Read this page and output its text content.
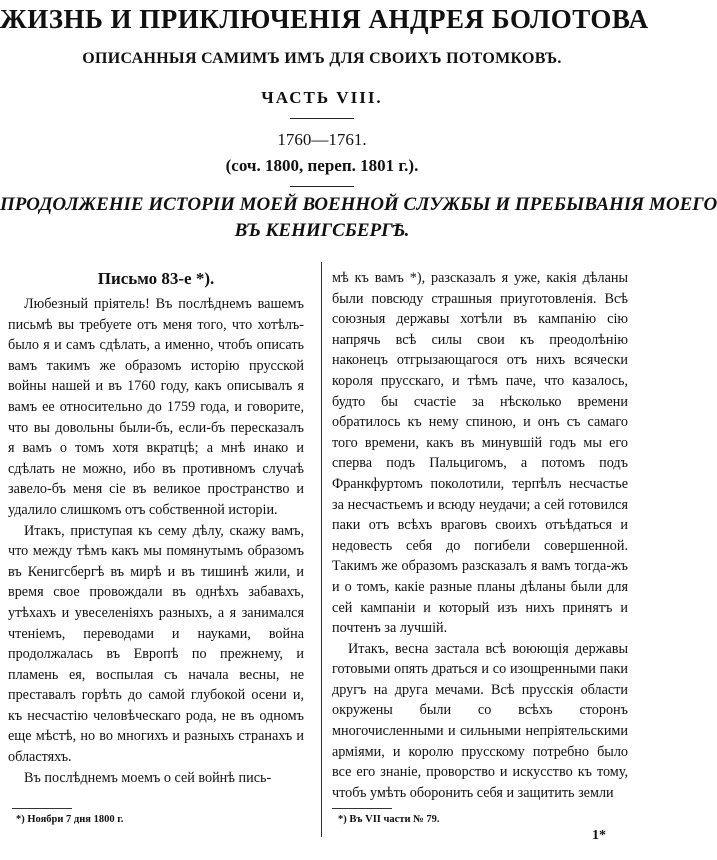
ЖИЗНЬ И ПРИКЛЮЧЕНІЯ АНДРЕЯ БОЛОТОВА
ОПИСАННЫЯ САМИМЪ ИМЪ ДЛЯ СВОИХЪ ПОТОМКОВЪ.
ЧАСТЬ VIII.
1760—1761.
(соч. 1800, переп. 1801 г.).
ПРОДОЛЖЕНІЕ ИСТОРІИ МОЕЙ ВОЕННОЙ СЛУЖБЫ И ПРЕБЫВАНІЯ МОЕГО
ВЪ КЕНИГСБЕРГѢ.
Письмо 83-е *).

Любезный пріятель! Въ послѣднемъ вашемъ письмѣ вы требуете отъ меня того, что хотѣлъ-было я и самъ сдѣлать, а именно, чтобъ описать вамъ такимъ же образомъ исторію прусской войны нашей и въ 1760 году, какъ описывалъ я вамъ ее относительно до 1759 года, и говорите, что вы довольны были-бъ, если-бъ пересказалъ я вамъ о томъ хотя вкратцѣ; а мнѣ инако и сдѣлать не можно, ибо въ противномъ случаѣ завело-бъ меня сie въ великое пространство и удалило слишкомъ отъ собственной исторіи.

Итакъ, приступая къ сему дѣлу, скажу вамъ, что между тѣмъ какъ мы помянутымъ образомъ въ Кенигсбергѣ въ мирѣ и въ тишинѣ жили, и время свое провождали въ однѣхъ забавахъ, утѣхахъ и увеселеніяхъ разныхъ, а я занимался чтеніемъ, переводами и науками, война продолжалась въ Европѣ по прежнему, и пламень ея, воспылая съ начала весны, не преставалъ горѣть до самой глубокой осени и, къ несчастію человѣческаго рода, не въ одномъ еще мѣстѣ, но во многихъ и разныхъ странахъ и областяхъ.

Въ послѣднемъ моемъ о сей войнѣ пись-

мѣ къ вамъ *), разсказалъ я уже, какія дѣланы были повсюду страшныя приуготовленія. Всѣ союзныя державы хотѣли въ кампанію сію напрячь всѣ силы свои къ преодолѣнію наконецъ отгрызающагося отъ нихъ всячески короля прусскаго, и тѣмъ паче, что казалось, будто бы счастіе за нѣсколько времени обратилось къ нему спиною, и онъ съ самаго того времени, какъ въ минувшій годъ мы его сперва подъ Пальцигомъ, а потомъ подъ Франкфуртомъ поколотили, терпѣлъ несчастье за несчастьемъ и всюду неудачи; а сей готовился паки отъ всѣхъ враговъ своихъ отъѣдаться и недовесть себя до погибели совершенной. Такимъ же образомъ разсказалъ я вамъ тогда-жъ и о томъ, какіе разные планы дѣланы были для сей кампаніи и который изъ нихъ принятъ и почтенъ за лучшій.

Итакъ, весна застала всѣ воюющія державы готовыми опять драться и со изощренными паки другъ на друга мечами. Всѣ прусскія области окружены были со всѣхъ сторонъ многочисленными и сильными непріятельскими арміями, и королю прусскому потребно было все его знаніе, проворство и искусство къ тому, чтобъ умѣть оборонить себя и защитить земли

*) Ноябри 7 дня 1800 г.	*) Въ VII части № 79.
1*
